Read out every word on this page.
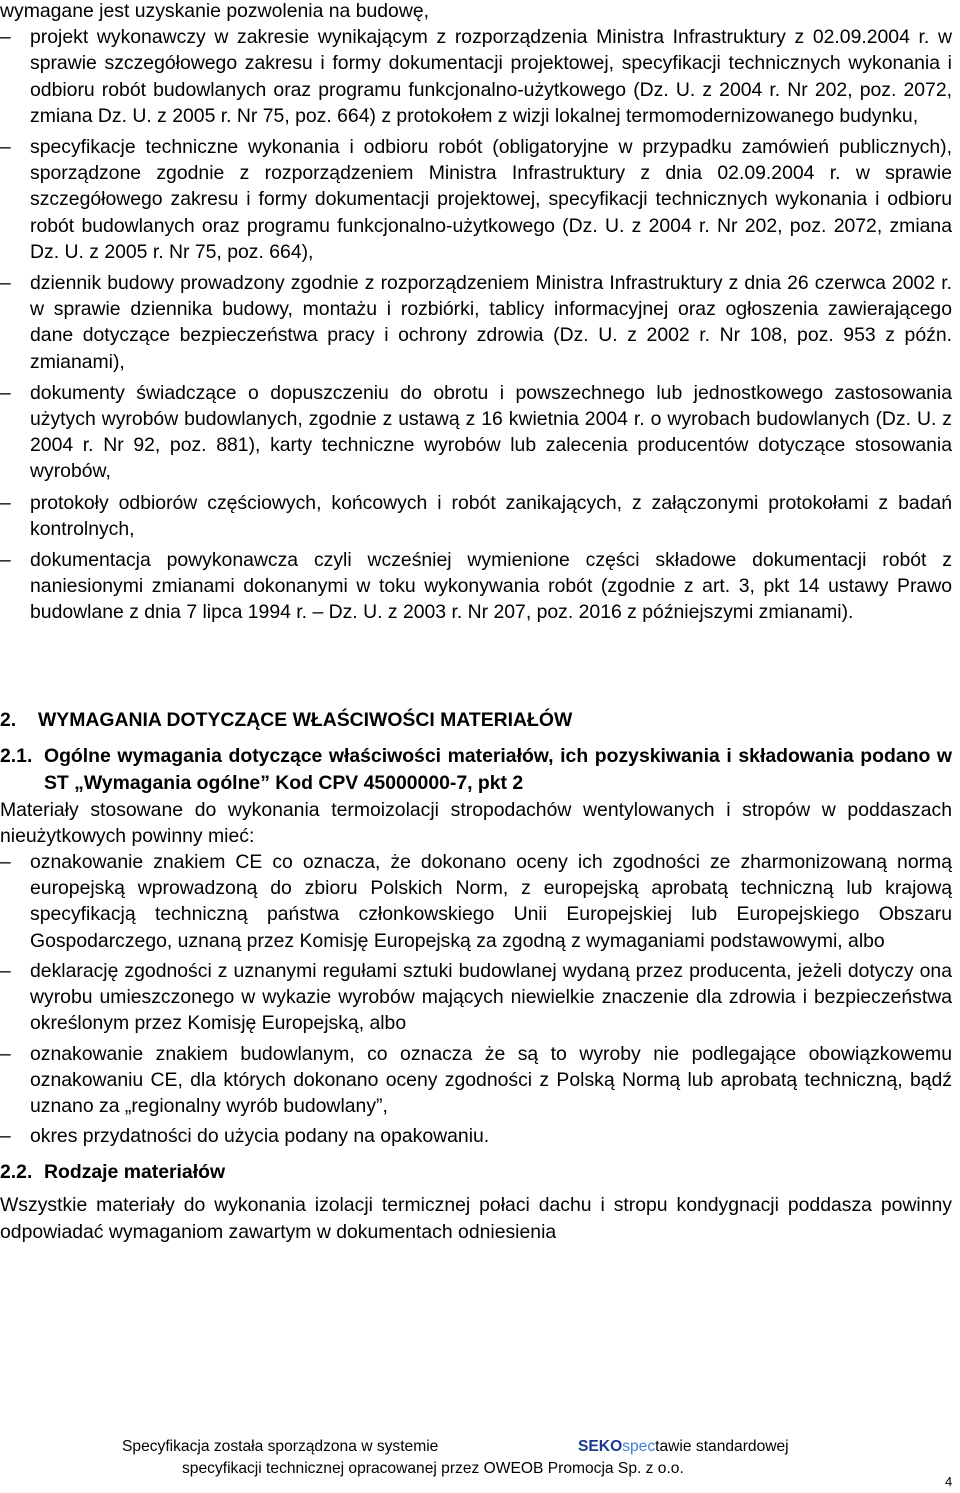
wymagane jest uzyskanie pozwolenia na budowę,

– projekt wykonawczy w zakresie wynikającym z rozporządzenia Ministra Infrastruktury z 02.09.2004 r. w sprawie szczegółowego zakresu i formy dokumentacji projektowej, specyfikacji technicznych wykonania i odbioru robót budowlanych oraz programu funkcjonalno-użytkowego (Dz. U. z 2004 r. Nr 202, poz. 2072, zmiana Dz. U. z 2005 r. Nr 75, poz. 664) z protokołem z wizji lokalnej termomodernizowanego budynku,
– specyfikacje techniczne wykonania i odbioru robót (obligatoryjne w przypadku zamówień publicznych), sporządzone zgodnie z rozporządzeniem Ministra Infrastruktury z dnia 02.09.2004 r. w sprawie szczegółowego zakresu i formy dokumentacji projektowej, specyfikacji technicznych wykonania i odbioru robót budowlanych oraz programu funkcjonalno-użytkowego (Dz. U. z 2004 r. Nr 202, poz. 2072, zmiana Dz. U. z 2005 r. Nr 75, poz. 664),
– dziennik budowy prowadzony zgodnie z rozporządzeniem Ministra Infrastruktury z dnia 26 czerwca 2002 r. w sprawie dziennika budowy, montażu i rozbiórki, tablicy informacyjnej oraz ogłoszenia zawierającego dane dotyczące bezpieczeństwa pracy i ochrony zdrowia (Dz. U. z 2002 r. Nr 108, poz. 953 z późn. zmianami),
– dokumenty świadczące o dopuszczeniu do obrotu i powszechnego lub jednostkowego zastosowania użytych wyrobów budowlanych, zgodnie z ustawą z 16 kwietnia 2004 r. o wyrobach budowlanych (Dz. U. z 2004 r. Nr 92, poz. 881), karty techniczne wyrobów lub zalecenia producentów dotyczące stosowania wyrobów,
– protokoły odbiorów częściowych, końcowych i robót zanikających, z załączonymi protokołami z badań kontrolnych,
– dokumentacja powykonawcza czyli wcześniej wymienione części składowe dokumentacji robót z naniesionymi zmianami dokonanymi w toku wykonywania robót (zgodnie z art. 3, pkt 14 ustawy Prawo budowlane z dnia 7 lipca 1994 r. – Dz. U. z 2003 r. Nr 207, poz. 2016 z późniejszymi zmianami).
2.	WYMAGANIA DOTYCZĄCE WŁAŚCIWOŚCI MATERIAŁÓW
2.1. Ogólne wymagania dotyczące właściwości materiałów, ich pozyskiwania i składowania podano w ST „Wymagania ogólne” Kod CPV 45000000-7, pkt 2

Materiały stosowane do wykonania termoizolacji stropodachów wentylowanych i stropów w poddaszach nieużytkowych powinny mieć:

– oznakowanie znakiem CE co oznacza, że dokonano oceny ich zgodności ze zharmonizowaną normą europejską wprowadzoną do zbioru Polskich Norm, z europejską aprobatą techniczną lub krajową specyfikacją techniczną państwa członkowskiego Unii Europejskiej lub Europejskiego Obszaru Gospodarczego, uznaną przez Komisję Europejską za zgodną z wymaganiami podstawowymi, albo
– deklarację zgodności z uznanymi regułami sztuki budowlanej wydaną przez producenta, jeżeli dotyczy ona wyrobu umieszczonego w wykazie wyrobów mających niewielkie znaczenie dla zdrowia i bezpieczeństwa określonym przez Komisję Europejską, albo
– oznakowanie znakiem budowlanym, co oznacza że są to wyroby nie podlegające obowiązkowemu oznakowaniu CE, dla których dokonano oceny zgodności z Polską Normą lub aprobatą techniczną, bądź uznano za „regionalny wyrób budowlany”,
– okres przydatności do użycia podany na opakowaniu.
2.2. Rodzaje materiałów

Wszystkie materiały do wykonania izolacji termicznej połaci dachu i stropu kondygnacji poddasza powinny odpowiadać wymaganiom zawartym w dokumentach odniesienia

Specyfikacja została sporządzona w systemie	SEKOspectawie standardowej
specyfikacji technicznej opracowanej przez OWEOB Promocja Sp. z o.o.
4
